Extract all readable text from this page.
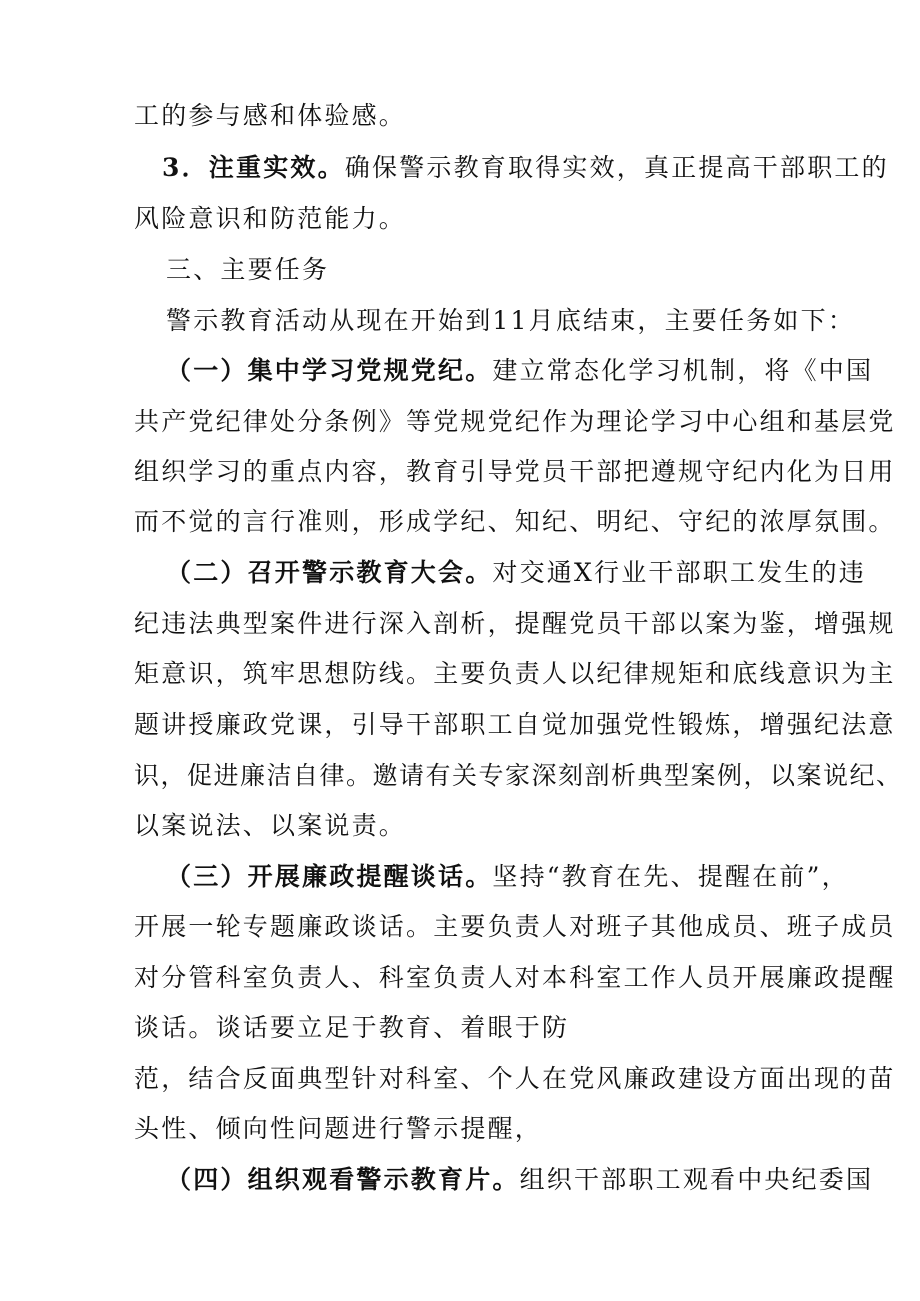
工的参与感和体验感。
3．注重实效。确保警示教育取得实效，真正提高干部职工的
风险意识和防范能力。
三、主要任务
警示教育活动从现在开始到11月底结束，主要任务如下：
（一）集中学习党规党纪。建立常态化学习机制，将《中国
共产党纪律处分条例》等党规党纪作为理论学习中心组和基层党
组织学习的重点内容，教育引导党员干部把遵规守纪内化为日用
而不觉的言行准则，形成学纪、知纪、明纪、守纪的浓厚氛围。
（二）召开警示教育大会。对交通X行业干部职工发生的违
纪违法典型案件进行深入剖析，提醒党员干部以案为鉴，增强规
矩意识，筑牢思想防线。主要负责人以纪律规矩和底线意识为主
题讲授廉政党课，引导干部职工自觉加强党性锻炼，增强纪法意
识，促进廉洁自律。邀请有关专家深刻剖析典型案例，以案说纪、
以案说法、以案说责。
（三）开展廉政提醒谈话。坚持“教育在先、提醒在前”，
开展一轮专题廉政谈话。主要负责人对班子其他成员、班子成员
对分管科室负责人、科室负责人对本科室工作人员开展廉政提醒
谈话。谈话要立足于教育、着眼于防
范，结合反面典型针对科室、个人在党风廉政建设方面出现的苗
头性、倾向性问题进行警示提醒，
（四）组织观看警示教育片。组织干部职工观看中央纪委国
